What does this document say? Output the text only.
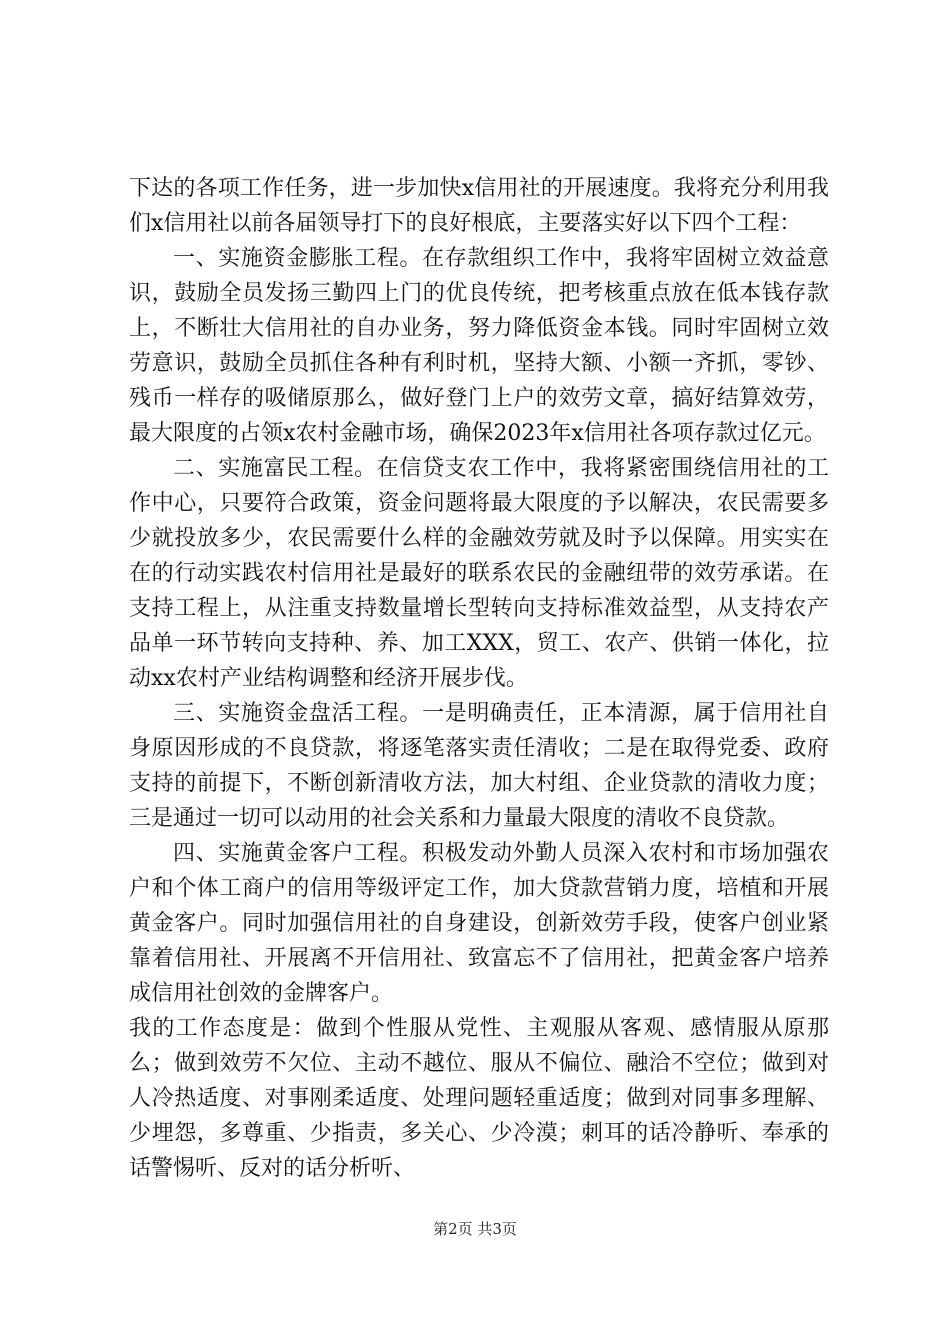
下达的各项工作任务，进一步加快x信用社的开展速度。我将充分利用我们x信用社以前各届领导打下的良好根底，主要落实好以下四个工程：

一、实施资金膨胀工程。在存款组织工作中，我将牢固树立效益意识，鼓励全员发扬三勤四上门的优良传统，把考核重点放在低本钱存款上，不断壮大信用社的自办业务，努力降低资金本钱。同时牢固树立效劳意识，鼓励全员抓住各种有利时机，坚持大额、小额一齐抓，零钞、残币一样存的吸储原那么，做好登门上户的效劳文章，搞好结算效劳，最大限度的占领x农村金融市场，确保2023年x信用社各项存款过亿元。

二、实施富民工程。在信贷支农工作中，我将紧密围绕信用社的工作中心，只要符合政策，资金问题将最大限度的予以解决，农民需要多少就投放多少，农民需要什么样的金融效劳就及时予以保障。用实实在在的行动实践农村信用社是最好的联系农民的金融纽带的效劳承诺。在支持工程上，从注重支持数量增长型转向支持标准效益型，从支持农产品单一环节转向支持种、养、加工XXX，贸工、农产、供销一体化，拉动xx农村产业结构调整和经济开展步伐。

三、实施资金盘活工程。一是明确责任，正本清源，属于信用社自身原因形成的不良贷款，将逐笔落实责任清收；二是在取得党委、政府支持的前提下，不断创新清收方法，加大村组、企业贷款的清收力度；三是通过一切可以动用的社会关系和力量最大限度的清收不良贷款。

四、实施黄金客户工程。积极发动外勤人员深入农村和市场加强农户和个体工商户的信用等级评定工作，加大贷款营销力度，培植和开展黄金客户。同时加强信用社的自身建设，创新效劳手段，使客户创业紧靠着信用社、开展离不开信用社、致富忘不了信用社，把黄金客户培养成信用社创效的金牌客户。

我的工作态度是：做到个性服从党性、主观服从客观、感情服从原那么；做到效劳不欠位、主动不越位、服从不偏位、融洽不空位；做到对人冷热适度、对事刚柔适度、处理问题轻重适度；做到对同事多理解、少埋怨，多尊重、少指责，多关心、少冷漠；刺耳的话冷静听、奉承的话警惕听、反对的话分析听、

第2页 共3页
